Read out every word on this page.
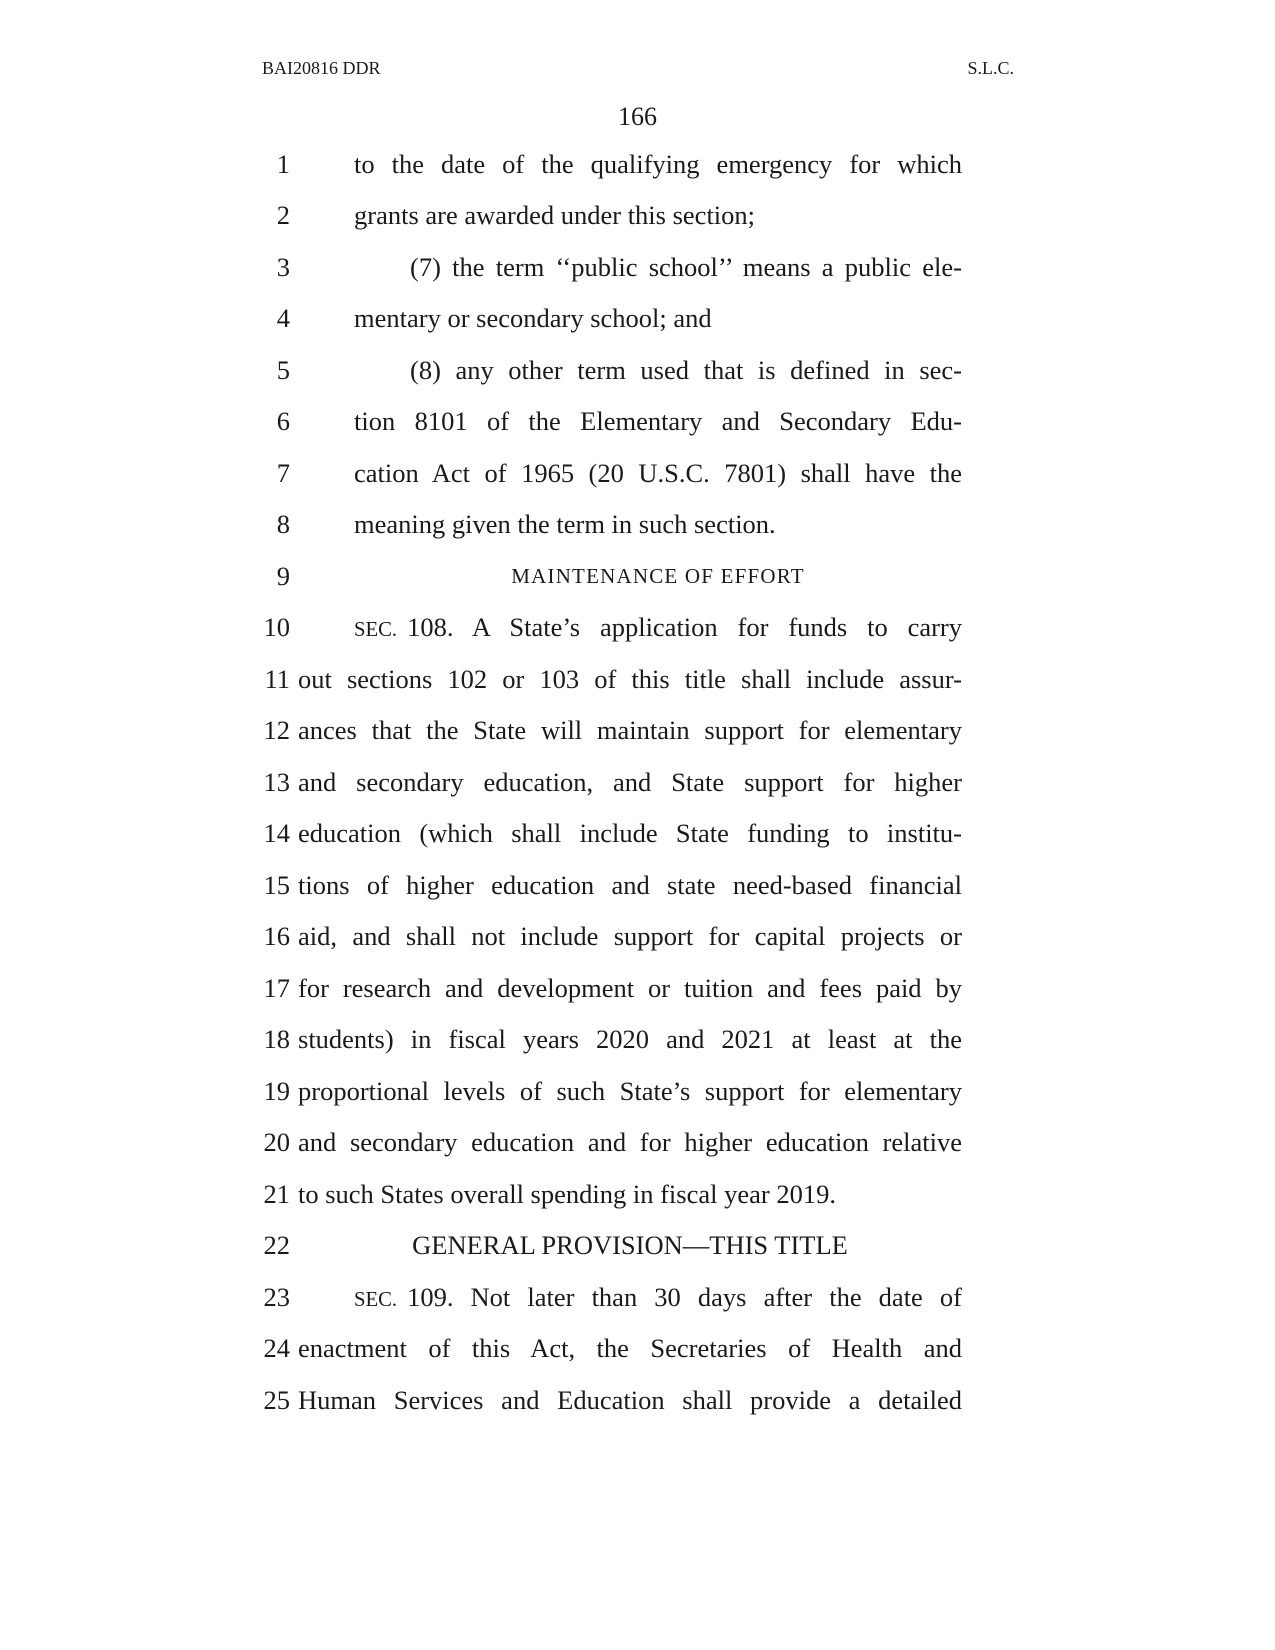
BAI20816 DDR	S.L.C.
166
1 to the date of the qualifying emergency for which
2 grants are awarded under this section;
3	(7) the term ‘‘public school’’ means a public ele-
4 mentary or secondary school; and
5	(8) any other term used that is defined in sec-
6 tion 8101 of the Elementary and Secondary Edu-
7 cation Act of 1965 (20 U.S.C. 7801) shall have the
8 meaning given the term in such section.
9	MAINTENANCE OF EFFORT
10	SEC. 108. A State’s application for funds to carry
11 out sections 102 or 103 of this title shall include assur-
12 ances that the State will maintain support for elementary
13 and secondary education, and State support for higher
14 education (which shall include State funding to institu-
15 tions of higher education and state need-based financial
16 aid, and shall not include support for capital projects or
17 for research and development or tuition and fees paid by
18 students) in fiscal years 2020 and 2021 at least at the
19 proportional levels of such State’s support for elementary
20 and secondary education and for higher education relative
21 to such States overall spending in fiscal year 2019.
22	GENERAL PROVISION—THIS TITLE
23	SEC. 109. Not later than 30 days after the date of
24 enactment of this Act, the Secretaries of Health and
25 Human Services and Education shall provide a detailed
